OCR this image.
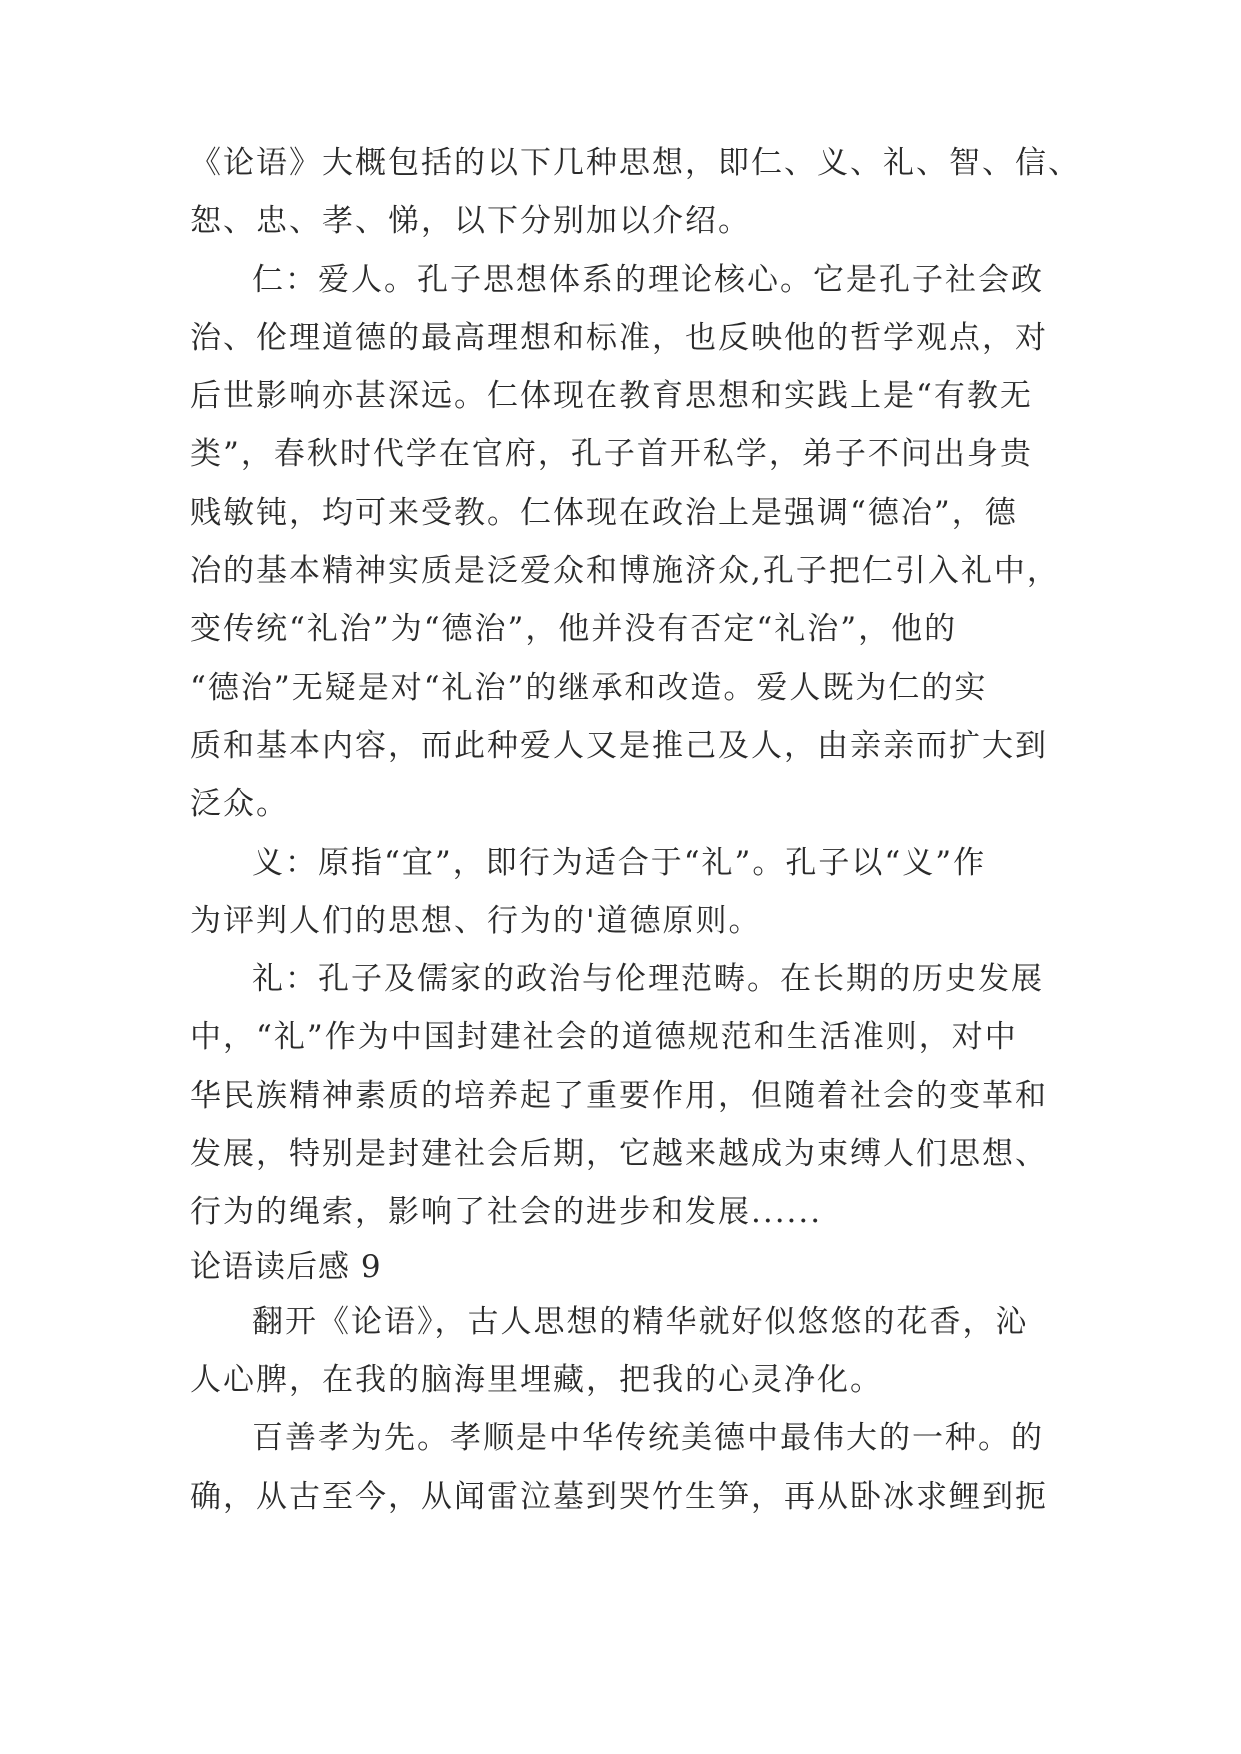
《论语》大概包括的以下几种思想，即仁、义、礼、智、信、
恕、忠、孝、悌，以下分别加以介绍。
仁：爱人。孔子思想体系的理论核心。它是孔子社会政
治、伦理道德的最高理想和标准，也反映他的哲学观点，对
后世影响亦甚深远。仁体现在教育思想和实践上是“有教无
类”，春秋时代学在官府，孔子首开私学，弟子不问出身贵
贱敏钝，均可来受教。仁体现在政治上是强调“德冶”，德
冶的基本精神实质是泛爱众和博施济众,孔子把仁引入礼中，
变传统“礼治”为“德治”，他并没有否定“礼治”，他的
“德治”无疑是对“礼治”的继承和改造。爱人既为仁的实
质和基本内容，而此种爱人又是推己及人，由亲亲而扩大到
泛众。
义：原指“宜”，即行为适合于“礼”。孔子以“义”作
为评判人们的思想、行为的'道德原则。
礼：孔子及儒家的政治与伦理范畴。在长期的历史发展
中，“礼”作为中国封建社会的道德规范和生活准则，对中
华民族精神素质的培养起了重要作用，但随着社会的变革和
发展，特别是封建社会后期，它越来越成为束缚人们思想、
行为的绳索，影响了社会的进步和发展......
论语读后感 9
翻开《论语》，古人思想的精华就好似悠悠的花香，沁
人心脾，在我的脑海里埋藏，把我的心灵净化。
百善孝为先。孝顺是中华传统美德中最伟大的一种。的
确，从古至今，从闻雷泣墓到哭竹生笋，再从卧冰求鲤到扼
